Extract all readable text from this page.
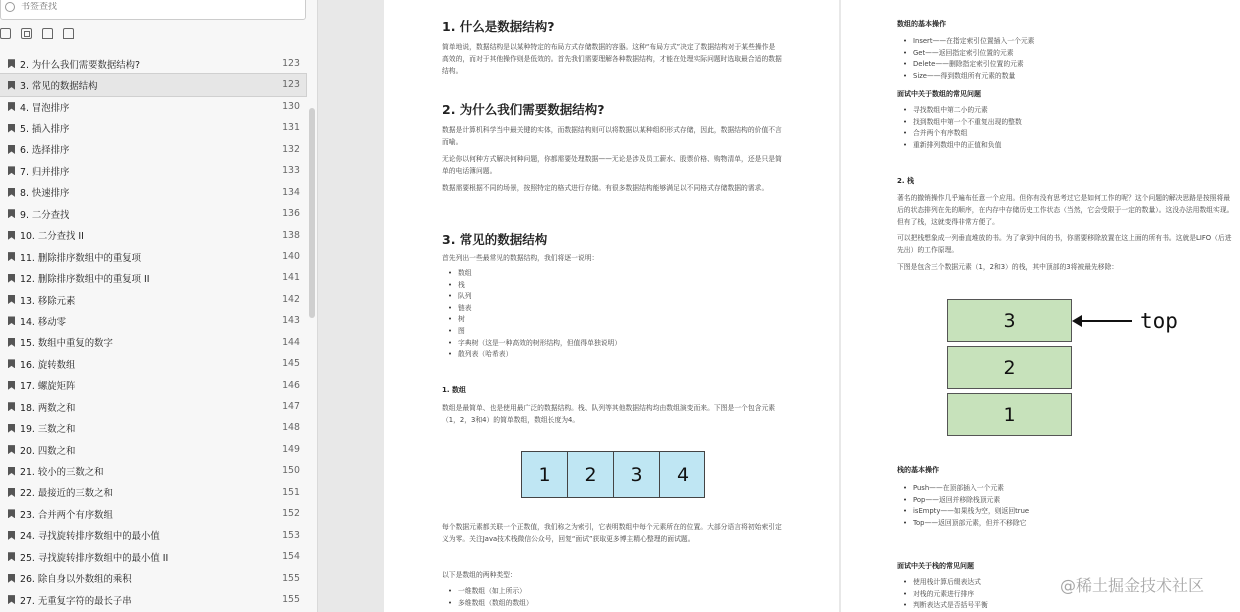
书签查找
2. 为什么我们需要数据结构?	123
3. 常见的数据结构	123
4. 冒泡排序	130
5. 插入排序	131
6. 选择排序	132
7. 归并排序	133
8. 快速排序	134
9. 二分查找	136
10. 二分查找 II	138
11. 删除排序数组中的重复项	140
12. 删除排序数组中的重复项 II	141
13. 移除元素	142
14. 移动零	143
15. 数组中重复的数字	144
16. 旋转数组	145
17. 螺旋矩阵	146
18. 两数之和	147
19. 三数之和	148
20. 四数之和	149
21. 较小的三数之和	150
22. 最接近的三数之和	151
23. 合并两个有序数组	152
24. 寻找旋转排序数组中的最小值	153
25. 寻找旋转排序数组中的最小值 II	154
26. 除自身以外数组的乘积	155
27. 无重复字符的最长子串	155
1. 什么是数据结构?
简单地说，数据结构是以某种特定的布局方式存储数据的容器。这种“布局方式”决定了数据结构对于某些操作是高效的，而对于其他操作则是低效的。首先我们需要理解各种数据结构，才能在处理实际问题时选取最合适的数据结构。
2. 为什么我们需要数据结构?
数据是计算机科学当中最关键的实体，而数据结构则可以将数据以某种组织形式存储，因此，数据结构的价值不言而喻。
无论你以何种方式解决何种问题，你都需要处理数据——无论是涉及员工薪水、股票价格、购物清单，还是只是简单的电话簿问题。
数据需要根据不同的场景，按照特定的格式进行存储。有很多数据结构能够满足以不同格式存储数据的需求。
3. 常见的数据结构
首先列出一些最常见的数据结构，我们将逐一说明：
• 数组
• 栈
• 队列
• 链表
• 树
• 图
• 字典树（这是一种高效的树形结构，但值得单独说明）
• 散列表（哈希表）
1. 数组
数组是最简单、也是使用最广泛的数据结构。栈、队列等其他数据结构均由数组演变而来。下图是一个包含元素（1，2，3和4）的简单数组，数组长度为4。
1	2	3	4
每个数据元素都关联一个正数值，我们称之为索引，它表明数组中每个元素所在的位置。大部分语言将初始索引定义为零。关注Java技术栈微信公众号，回复“面试”获取更多博主精心整理的面试题。
以下是数组的两种类型：
• 一维数组（如上所示）
• 多维数组（数组的数组）
数组的基本操作
• Insert——在指定索引位置插入一个元素
• Get——返回指定索引位置的元素
• Delete——删除指定索引位置的元素
• Size——得到数组所有元素的数量
面试中关于数组的常见问题
• 寻找数组中第二小的元素
• 找到数组中第一个不重复出现的整数
• 合并两个有序数组
• 重新排列数组中的正值和负值
2. 栈
著名的撤销操作几乎遍布任意一个应用。但你有没有思考过它是如何工作的呢？这个问题的解决思路是按照将最后的状态排列在先的顺序，在内存中存储历史工作状态（当然，它会受限于一定的数量）。这没办法用数组实现。但有了栈，这就变得非常方便了。
可以把栈想象成一列垂直堆放的书。为了拿到中间的书，你需要移除放置在这上面的所有书。这就是LIFO（后进先出）的工作原理。
下图是包含三个数据元素（1，2和3）的栈，其中顶部的3将被最先移除：
栈的基本操作
• Push——在顶部插入一个元素
• Pop——返回并移除栈顶元素
• isEmpty——如果栈为空，则返回true
• Top——返回顶部元素，但并不移除它
面试中关于栈的常见问题
• 使用栈计算后缀表达式
• 对栈的元素进行排序
• 判断表达式是否括号平衡
3
2
1
top
@稀土掘金技术社区
